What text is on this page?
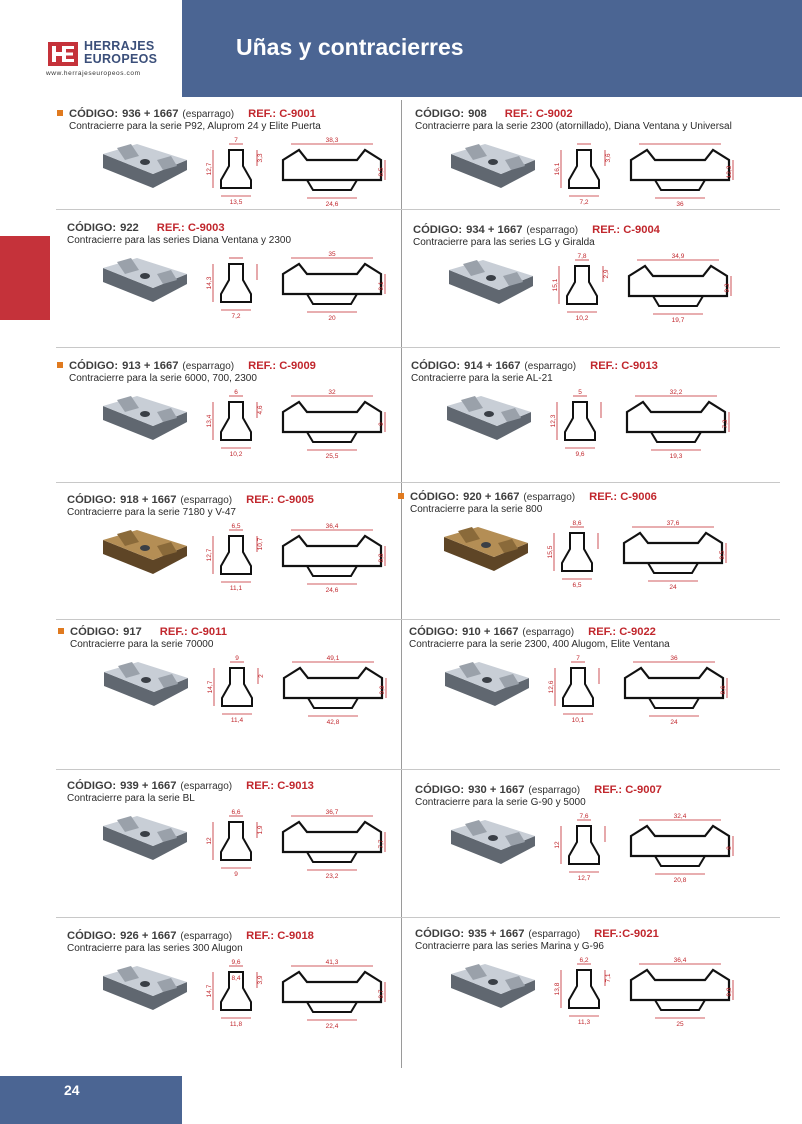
Uñas y contracierres
HERRAJES
EUROPEOS
www.herrajeseuropeos.com
CÓDIGO: 936 + 1667 (esparrago) REF.: C-9001
Contracierre para la serie P92, Aluprom 24 y Elite Puerta
7
13,5
12,7
3,3
38,3
24,6
8,5
CÓDIGO: 908 REF.: C-9002
Contracierre para la serie 2300 (atornillado), Diana Ventana y Universal
7,2
16,1
3,6
36
12,3
CÓDIGO: 922 REF.: C-9003
Contracierre para las series Diana Ventana y 2300
7,2
14,3
35
20
9,1
CÓDIGO: 934 + 1667 (esparrago) REF.: C-9004
Contracierre para las series LG y Giralda
7,8
10,2
15,1
2,9
34,9
19,7
9,3
CÓDIGO: 913 + 1667 (esparrago) REF.: C-9009
Contracierre para la serie 6000, 700, 2300
6
10,2
13,4
4,6
32
25,5
9
CÓDIGO: 914 + 1667 (esparrago) REF.: C-9013
Contracierre para la serie AL-21
5
9,6
12,3
32,2
19,3
7,3
CÓDIGO: 918 + 1667 (esparrago) REF.: C-9005
Contracierre para la serie 7180 y V-47
6,5
11,1
12,7
10,7
36,4
24,6
8,8
CÓDIGO: 920 + 1667 (esparrago) REF.: C-9006
Contracierre para la serie 800
8,6
6,5
15,5
37,6
24
9,5
CÓDIGO: 917 REF.: C-9011
Contracierre para la serie 70000
9
11,4
14,7
2
49,1
42,8
9,9
CÓDIGO: 910 + 1667 (esparrago) REF.: C-9022
Contracierre para la serie 2300, 400 Alugom, Elite Ventana
7
10,1
12,6
36
24
8,6
CÓDIGO: 939 + 1667 (esparrago) REF.: C-9013
Contracierre para la serie BL
6,6
9
12
1,9
36,7
23,2
7,7
CÓDIGO: 930 + 1667 (esparrago) REF.: C-9007
Contracierre para la serie G-90 y 5000
7,6
12,7
12
32,4
20,8
8
CÓDIGO: 926 + 1667 (esparrago) REF.: C-9018
Contracierre para las series 300 Alugon
9,6
11,8
14,7
3,9
8,4
41,3
22,4
9,7
CÓDIGO: 935 + 1667 (esparrago) REF.:C-9021
Contracierre para las series Marina y G-96
6,2
11,3
13,8
7,1
36,4
25
9,8
24
